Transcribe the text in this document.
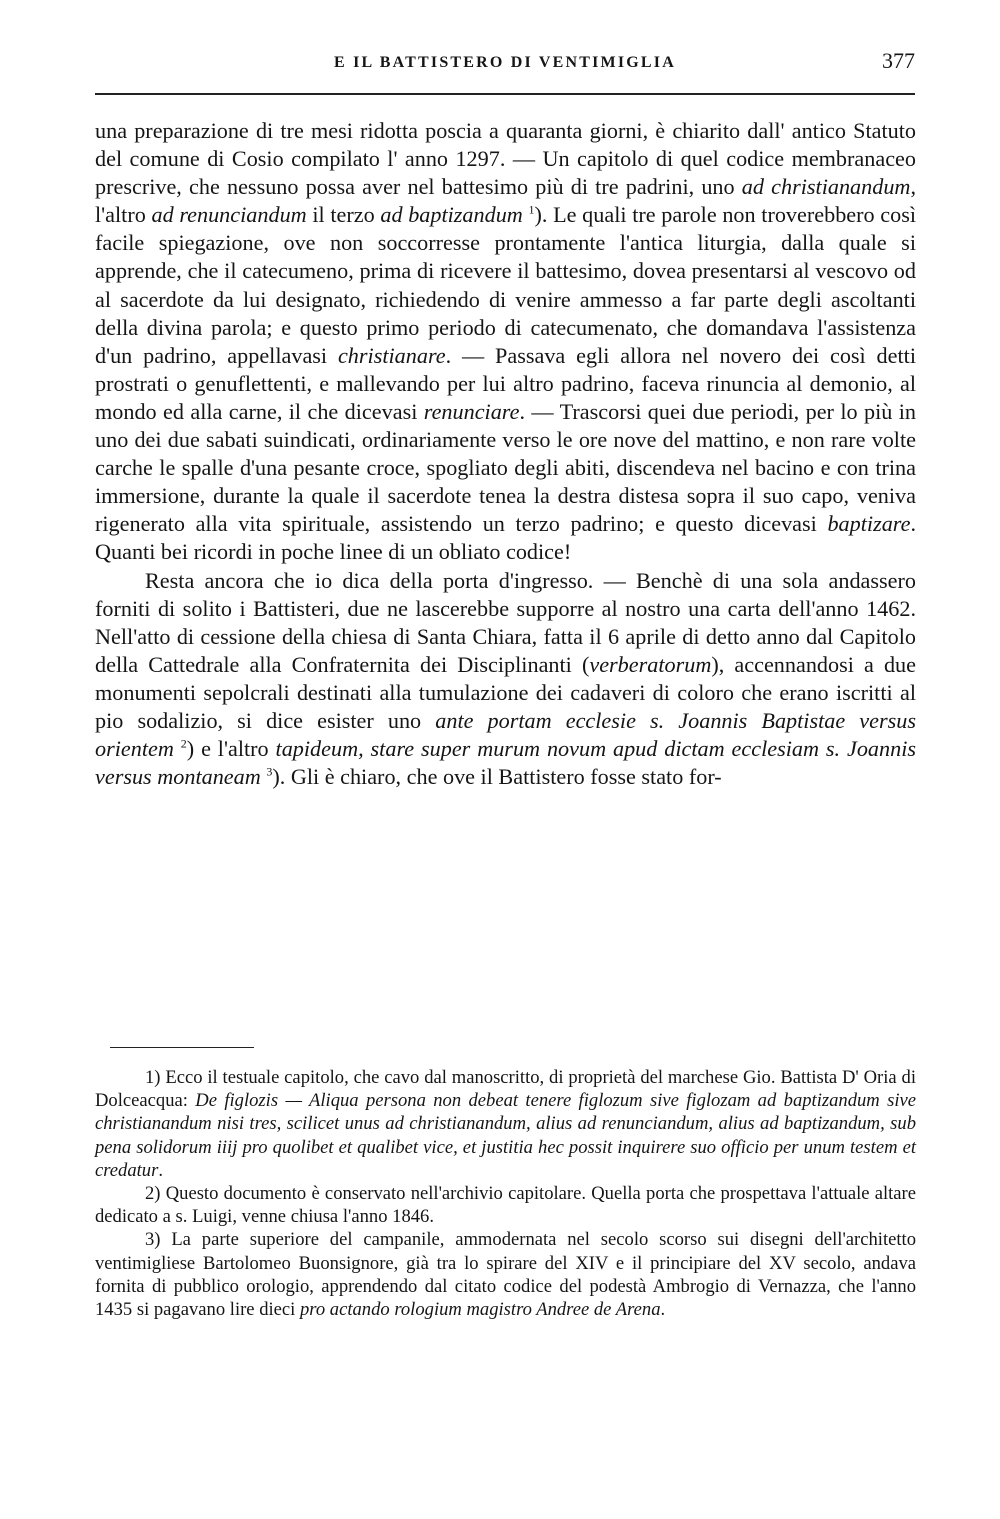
E IL BATTISTERO DI VENTIMIGLIA	377

una preparazione di tre mesi ridotta poscia a quaranta giorni, è chiarito dall' antico Statuto del comune di Cosio compilato l' anno 1297. — Un capitolo di quel codice membranaceo prescrive, che nessuno possa aver nel battesimo più di tre padrini, uno ad christianandum, l'altro ad renunciandum il terzo ad baptizandum $^1$). Le quali tre parole non troverebbero così facile spiegazione, ove non soccorresse prontamente l'antica liturgia, dalla quale si apprende, che il catecumeno, prima di ricevere il battesimo, dovea presentarsi al vescovo od al sacerdote da lui designato, richiedendo di venire ammesso a far parte degli ascoltanti della divina parola; e questo primo periodo di catecumenato, che domandava l'assistenza d'un padrino, appellavasi christianare. — Passava egli allora nel novero dei così detti prostrati o genuflettenti, e mallevando per lui altro padrino, faceva rinuncia al demonio, al mondo ed alla carne, il che dicevasi renunciare. — Trascorsi quei due periodi, per lo più in uno dei due sabati suindicati, ordinariamente verso le ore nove del mattino, e non rare volte carche le spalle d'una pesante croce, spogliato degli abiti, discendeva nel bacino e con trina immersione, durante la quale il sacerdote tenea la destra distesa sopra il suo capo, veniva rigenerato alla vita spirituale, assistendo un terzo padrino; e questo dicevasi baptizare. Quanti bei ricordi in poche linee di un obliato codice!

Resta ancora che io dica della porta d'ingresso. — Benchè di una sola andassero forniti di solito i Battisteri, due ne lascerebbe supporre al nostro una carta dell'anno 1462. Nell'atto di cessione della chiesa di Santa Chiara, fatta il 6 aprile di detto anno dal Capitolo della Cattedrale alla Confraternita dei Disciplinanti (verberatorum), accennandosi a due monumenti sepolcrali destinati alla tumulazione dei cadaveri di coloro che erano iscritti al pio sodalizio, si dice esister uno ante portam ecclesie s. Joannis Baptistae versus orientem $^2$) e l'altro tapideum, stare super murum novum apud dictam ecclesiam s. Joannis versus montaneam $^3$). Gli è chiaro, che ove il Battistero fosse stato for-

1) Ecco il testuale capitolo, che cavo dal manoscritto, di proprietà del marchese Gio. Battista D' Oria di Dolceacqua: De figlozis — Aliqua persona non debeat tenere figlozum sive figlozam ad baptizandum sive christianandum nisi tres, scilicet unus ad christianandum, alius ad renunciandum, alius ad baptizandum, sub pena solidorum iiij pro quolibet et qualibet vice, et justitia hec possit inquirere suo officio per unum testem et credatur.

2) Questo documento è conservato nell'archivio capitolare. Quella porta che prospettava l'attuale altare dedicato a s. Luigi, venne chiusa l'anno 1846.

3) La parte superiore del campanile, ammodernata nel secolo scorso sui disegni dell'architetto ventimigliese Bartolomeo Buonsignore, già tra lo spirare del XIV e il principiare del XV secolo, andava fornita di pubblico orologio, apprendendo dal citato codice del podestà Ambrogio di Vernazza, che l'anno 1435 si pagavano lire dieci pro actando rologium magistro Andree de Arena.
